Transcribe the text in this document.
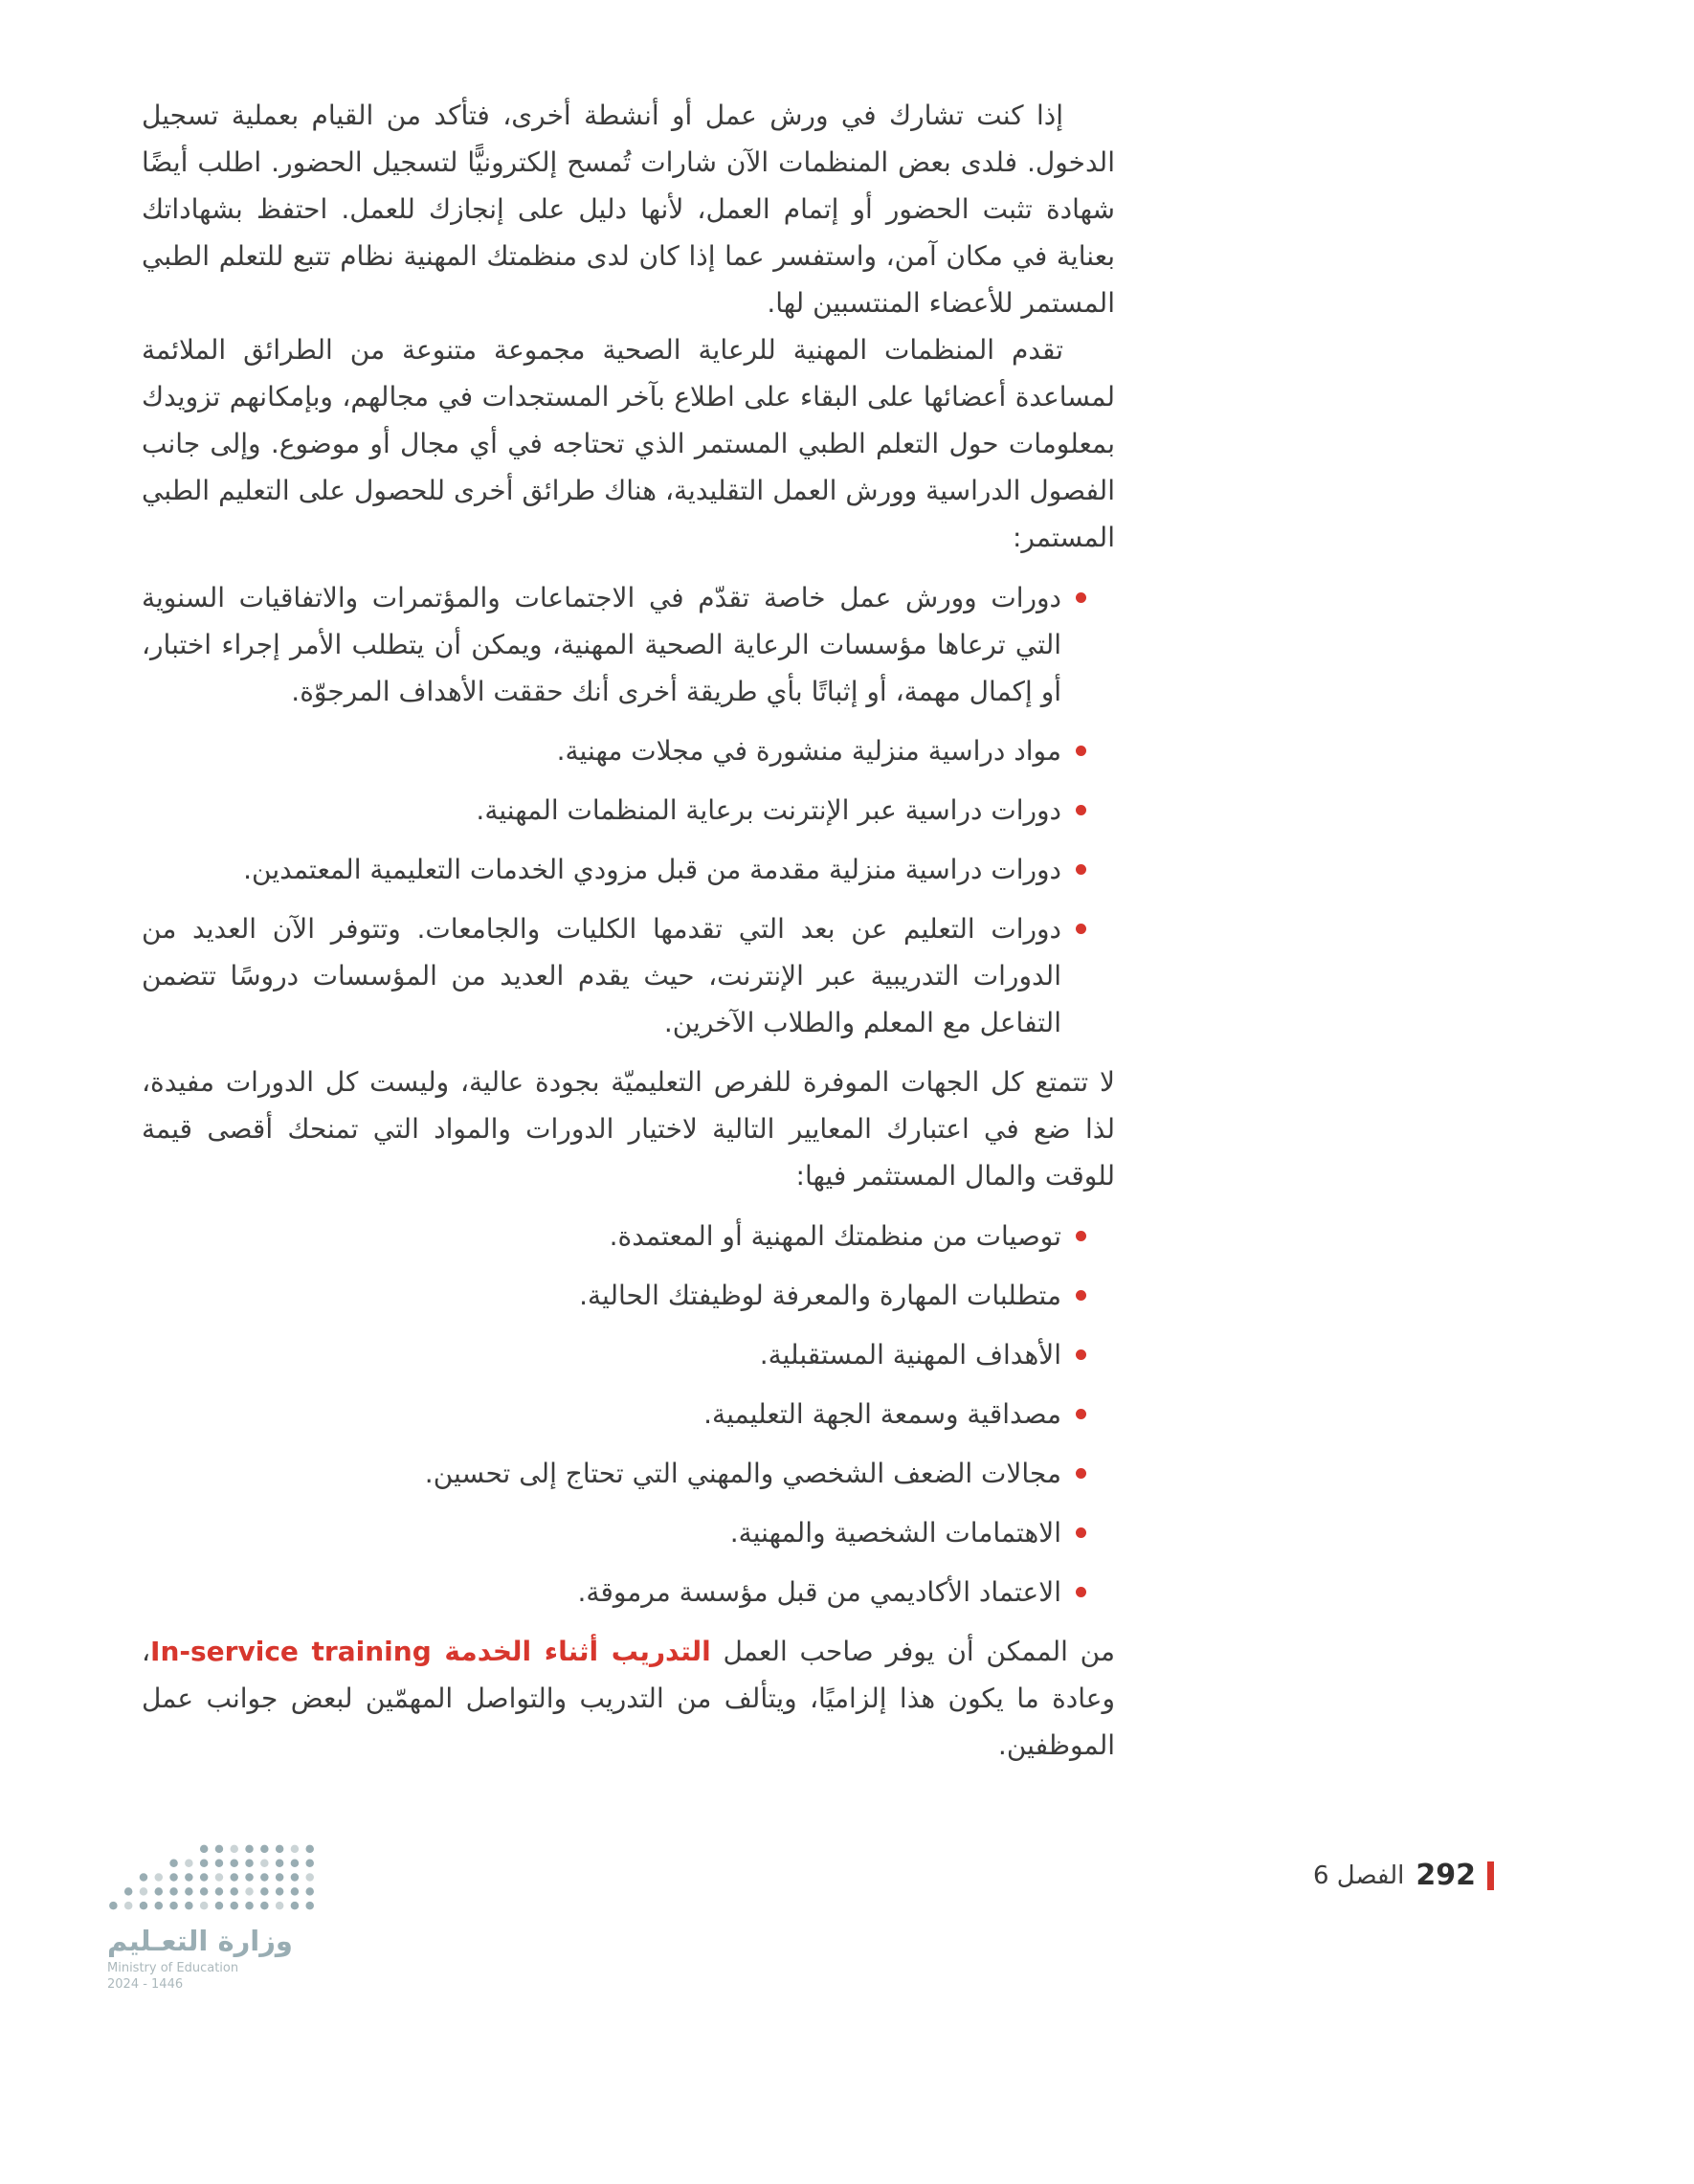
إذا كنت تشارك في ورش عمل أو أنشطة أخرى، فتأكد من القيام بعملية تسجيل الدخول. فلدى بعض المنظمات الآن شارات تُمسح إلكترونيًّا لتسجيل الحضور. اطلب أيضًا شهادة تثبت الحضور أو إتمام العمل، لأنها دليل على إنجازك للعمل. احتفظ بشهاداتك بعناية في مكان آمن، واستفسر عما إذا كان لدى منظمتك المهنية نظام تتبع للتعلم الطبي المستمر للأعضاء المنتسبين لها.

تقدم المنظمات المهنية للرعاية الصحية مجموعة متنوعة من الطرائق الملائمة لمساعدة أعضائها على البقاء على اطلاع بآخر المستجدات في مجالهم، وبإمكانهم تزويدك بمعلومات حول التعلم الطبي المستمر الذي تحتاجه في أي مجال أو موضوع. وإلى جانب الفصول الدراسية وورش العمل التقليدية، هناك طرائق أخرى للحصول على التعليم الطبي المستمر:

دورات وورش عمل خاصة تقدّم في الاجتماعات والمؤتمرات والاتفاقيات السنوية التي ترعاها مؤسسات الرعاية الصحية المهنية، ويمكن أن يتطلب الأمر إجراء اختبار، أو إكمال مهمة، أو إثباتًا بأي طريقة أخرى أنك حققت الأهداف المرجوّة.
مواد دراسية منزلية منشورة في مجلات مهنية.
دورات دراسية عبر الإنترنت برعاية المنظمات المهنية.
دورات دراسية منزلية مقدمة من قبل مزودي الخدمات التعليمية المعتمدين.
دورات التعليم عن بعد التي تقدمها الكليات والجامعات. وتتوفر الآن العديد من الدورات التدريبية عبر الإنترنت، حيث يقدم العديد من المؤسسات دروسًا تتضمن التفاعل مع المعلم والطلاب الآخرين.

لا تتمتع كل الجهات الموفرة للفرص التعليميّة بجودة عالية، وليست كل الدورات مفيدة، لذا ضع في اعتبارك المعايير التالية لاختيار الدورات والمواد التي تمنحك أقصى قيمة للوقت والمال المستثمر فيها:

توصيات من منظمتك المهنية أو المعتمدة.
متطلبات المهارة والمعرفة لوظيفتك الحالية.
الأهداف المهنية المستقبلية.
مصداقية وسمعة الجهة التعليمية.
مجالات الضعف الشخصي والمهني التي تحتاج إلى تحسين.
الاهتمامات الشخصية والمهنية.
الاعتماد الأكاديمي من قبل مؤسسة مرموقة.

من الممكن أن يوفر صاحب العمل التدريب أثناء الخدمة In-service training، وعادة ما يكون هذا إلزاميًا، ويتألف من التدريب والتواصل المهمّين لبعض جوانب عمل الموظفين.

292
الفصل 6
وزارة التعـليم
Ministry of Education
2024 - 1446
